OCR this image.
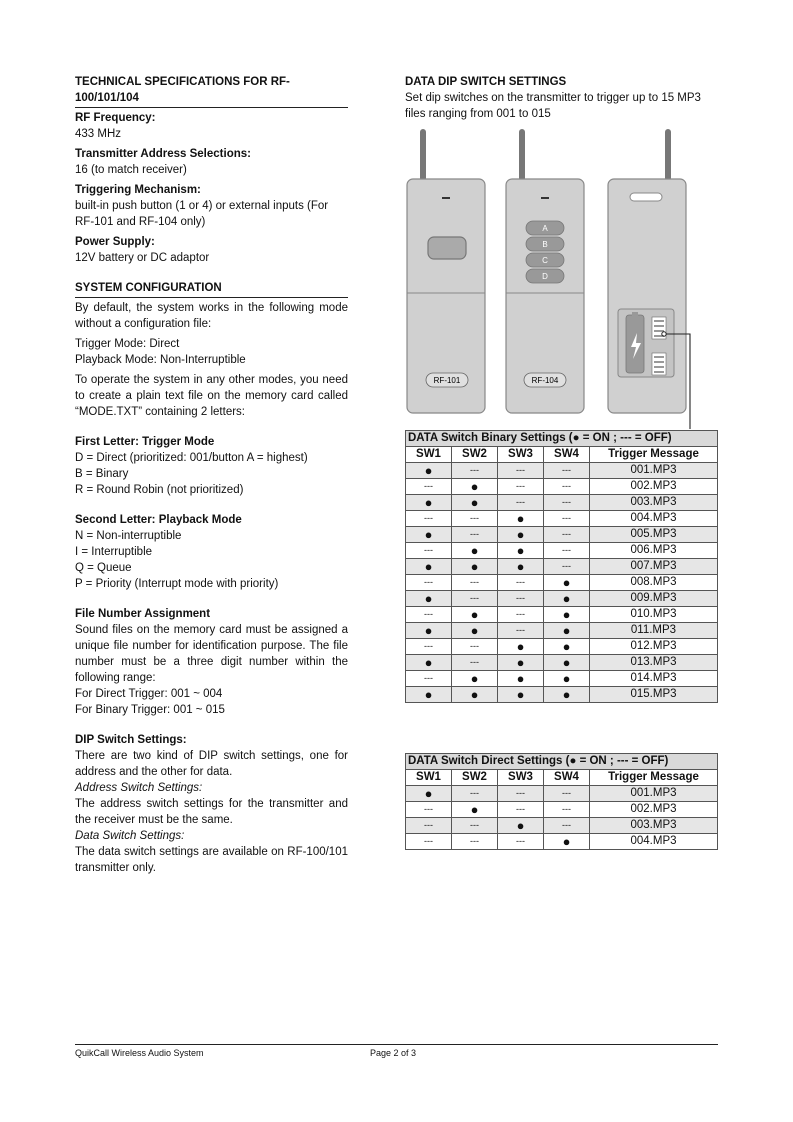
TECHNICAL SPECIFICATIONS FOR RF-100/101/104

RF Frequency:

433 MHz

Transmitter Address Selections:

16 (to match receiver)

Triggering Mechanism:

built-in push button (1 or 4) or external inputs (For RF-101 and RF-104 only)

Power Supply:

12V battery or DC adaptor

SYSTEM CONFIGURATION

By default, the system works in the following mode without a configuration file:

Trigger Mode: Direct

Playback Mode: Non-Interruptible

To operate the system in any other modes, you need to create a plain text file on the memory card called “MODE.TXT” containing 2 letters:

First Letter: Trigger Mode

D = Direct (prioritized: 001/button A = highest)

B = Binary

R = Round Robin (not prioritized)

Second Letter: Playback Mode

N = Non-interruptible

I = Interruptible

Q = Queue

P = Priority (Interrupt mode with priority)

File Number Assignment

Sound files on the memory card must be assigned a unique file number for identification purpose. The file number must be a three digit number within the following range:

For Direct Trigger: 001 ~ 004

For Binary Trigger: 001 ~ 015

DIP Switch Settings:

There are two kind of DIP switch settings, one for address and the other for data.

Address Switch Settings:

The address switch settings for the transmitter and the receiver must be the same.

Data Switch Settings:

The data switch settings are available on RF-100/101 transmitter only.

DATA DIP SWITCH SETTINGS

Set dip switches on the transmitter to trigger up to 15 MP3 files ranging from 001 to 015

RF-101
A
B
C
D
RF-104
DATA Switch Binary Settings (● = ON ; --- = OFF)				
SW1	SW2	SW3	SW4	Trigger Message
●	---	---	---	001.MP3
---	●	---	---	002.MP3
●	●	---	---	003.MP3
---	---	●	---	004.MP3
●	---	●	---	005.MP3
---	●	●	---	006.MP3
●	●	●	---	007.MP3
---	---	---	●	008.MP3
●	---	---	●	009.MP3
---	●	---	●	010.MP3
●	●	---	●	011.MP3
---	---	●	●	012.MP3
●	---	●	●	013.MP3
---	●	●	●	014.MP3
●	●	●	●	015.MP3
DATA Switch Direct Settings (● = ON ; --- = OFF)				
SW1	SW2	SW3	SW4	Trigger Message
●	---	---	---	001.MP3
---	●	---	---	002.MP3
---	---	●	---	003.MP3
---	---	---	●	004.MP3
QuikCall Wireless Audio System	Page 2 of 3
